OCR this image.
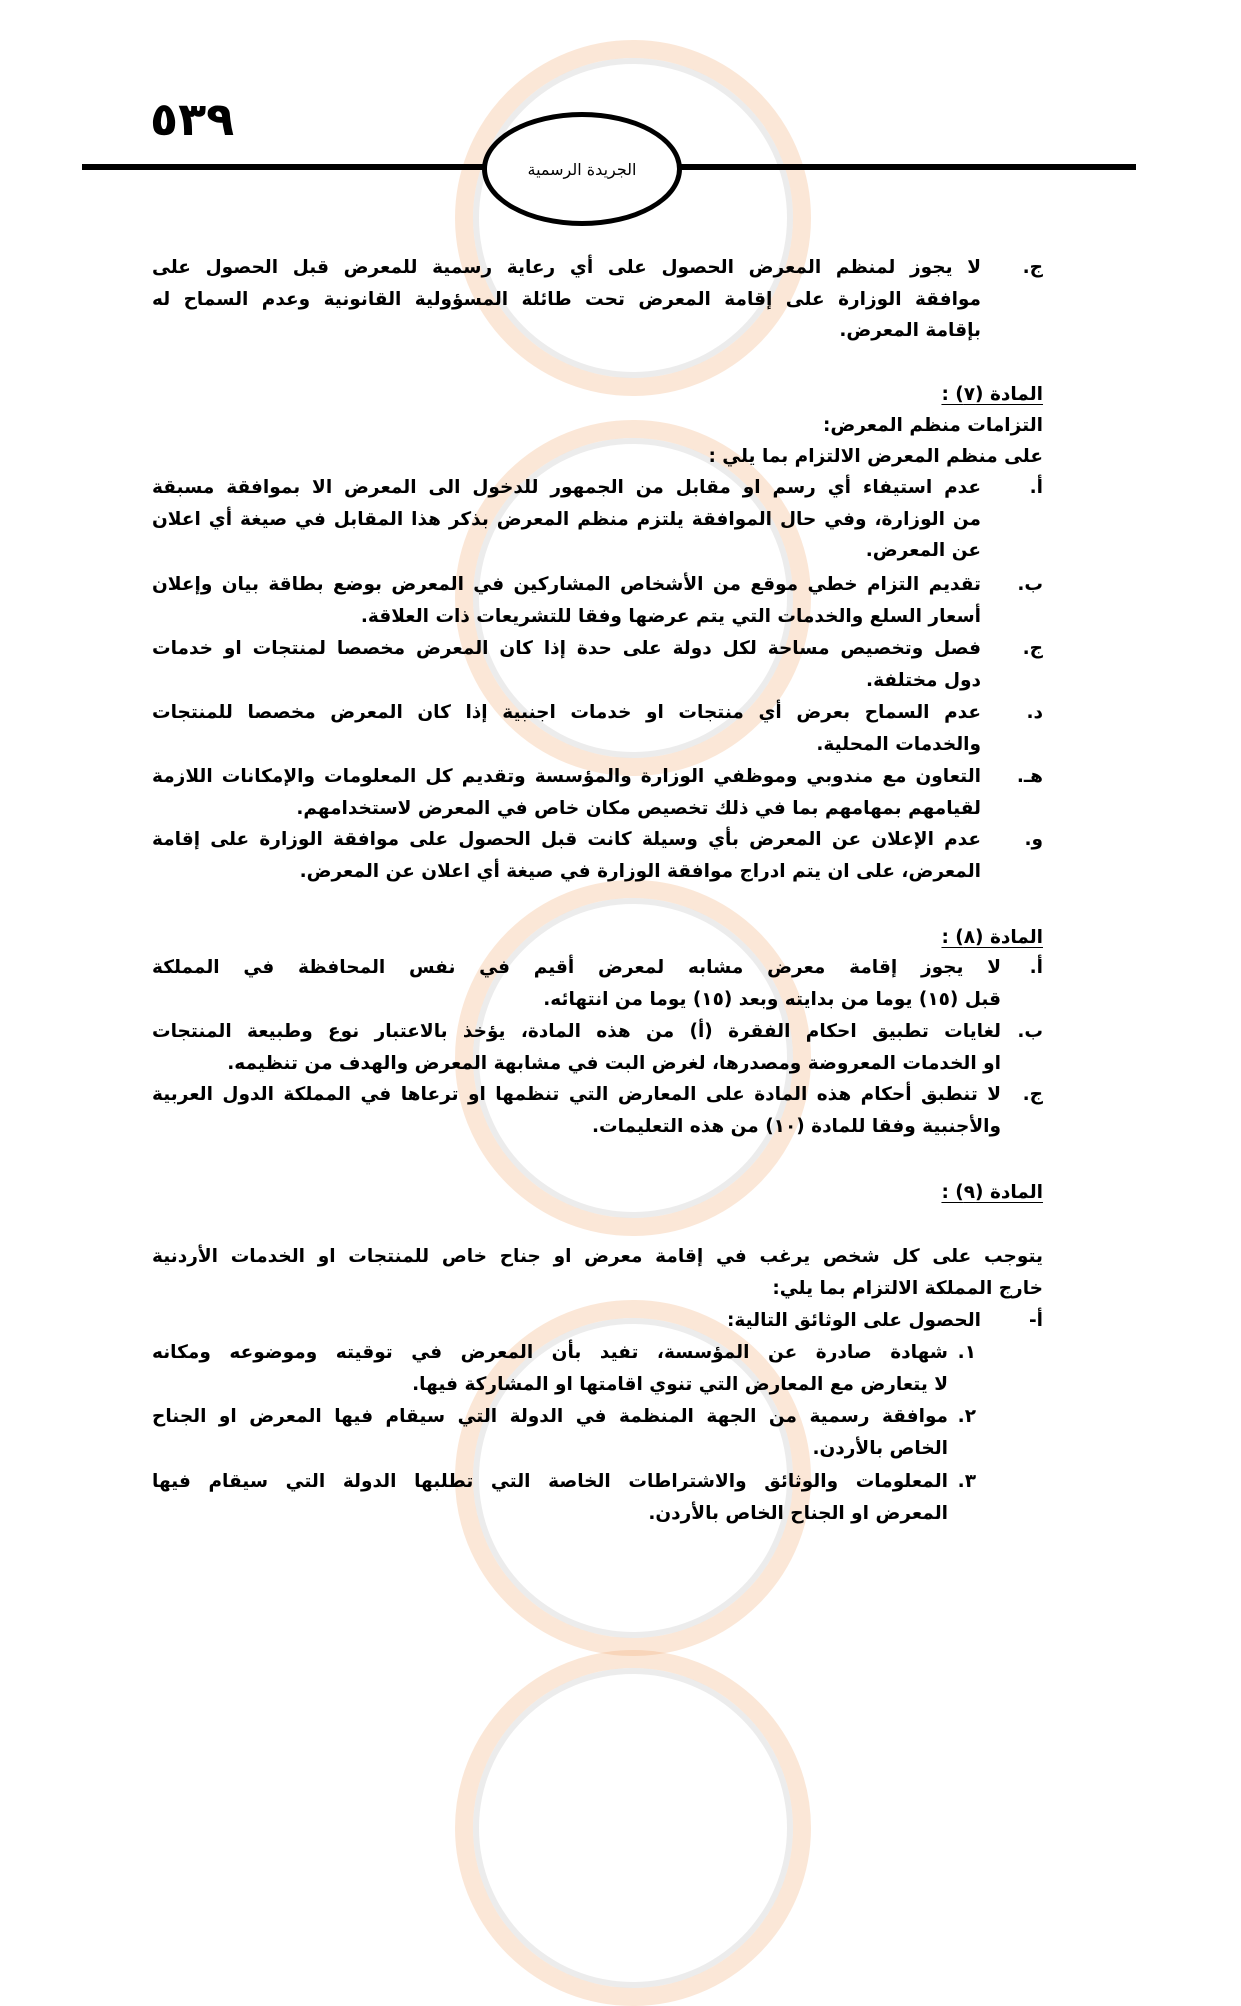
٥٣٩
الجريدة الرسمية
ج.
لا يجوز لمنظم المعرض الحصول على أي رعاية رسمية للمعرض قبل الحصول على
موافقة الوزارة على إقامة المعرض تحت طائلة المسؤولية القانونية وعدم السماح له
بإقامة المعرض.
المادة (٧) :
التزامات منظم المعرض:
على منظم المعرض الالتزام بما يلي :
أ.
عدم استيفاء أي رسم او مقابل من الجمهور للدخول الى المعرض الا بموافقة مسبقة
من الوزارة، وفي حال الموافقة يلتزم منظم المعرض بذكر هذا المقابل في صيغة أي اعلان
عن المعرض.
ب.
تقديم التزام خطي موقع من الأشخاص المشاركين في المعرض بوضع بطاقة بيان وإعلان
أسعار السلع والخدمات التي يتم عرضها وفقا للتشريعات ذات العلاقة.
ج.
فصل وتخصيص مساحة لكل دولة على حدة إذا كان المعرض مخصصا لمنتجات او خدمات
دول مختلفة.
د.
عدم السماح بعرض أي منتجات او خدمات اجنبية إذا كان المعرض مخصصا للمنتجات
والخدمات المحلية.
هـ.
التعاون مع مندوبي وموظفي الوزارة والمؤسسة وتقديم كل المعلومات والإمكانات اللازمة
لقيامهم بمهامهم بما في ذلك تخصيص مكان خاص في المعرض لاستخدامهم.
و.
عدم الإعلان عن المعرض بأي وسيلة كانت قبل الحصول على موافقة الوزارة على إقامة
المعرض، على ان يتم ادراج موافقة الوزارة في صيغة أي اعلان عن المعرض.
المادة (٨) :
أ.
لا يجوز إقامة معرض مشابه لمعرض أقيم في نفس المحافظة في المملكة
قبل (١٥) يوما من بدايته وبعد (١٥) يوما من انتهائه.
ب.
لغايات تطبيق احكام الفقرة (أ) من هذه المادة، يؤخذ بالاعتبار نوع وطبيعة المنتجات
او الخدمات المعروضة ومصدرها، لغرض البت في مشابهة المعرض والهدف من تنظيمه.
ج.
لا تنطبق أحكام هذه المادة على المعارض التي تنظمها او ترعاها في المملكة الدول العربية
والأجنبية وفقا للمادة (١٠) من هذه التعليمات.
المادة (٩) :
يتوجب على كل شخص يرغب في إقامة معرض او جناح خاص للمنتجات او الخدمات الأردنية
خارج المملكة الالتزام بما يلي:
أ-
الحصول على الوثائق التالية:
١.
شهادة صادرة عن المؤسسة، تفيد بأن المعرض في توقيته وموضوعه ومكانه
لا يتعارض مع المعارض التي تنوي اقامتها او المشاركة فيها.
٢.
موافقة رسمية من الجهة المنظمة في الدولة التي سيقام فيها المعرض او الجناح
الخاص بالأردن.
٣.
المعلومات والوثائق والاشتراطات الخاصة التي تطلبها الدولة التي سيقام فيها
المعرض او الجناح الخاص بالأردن.
